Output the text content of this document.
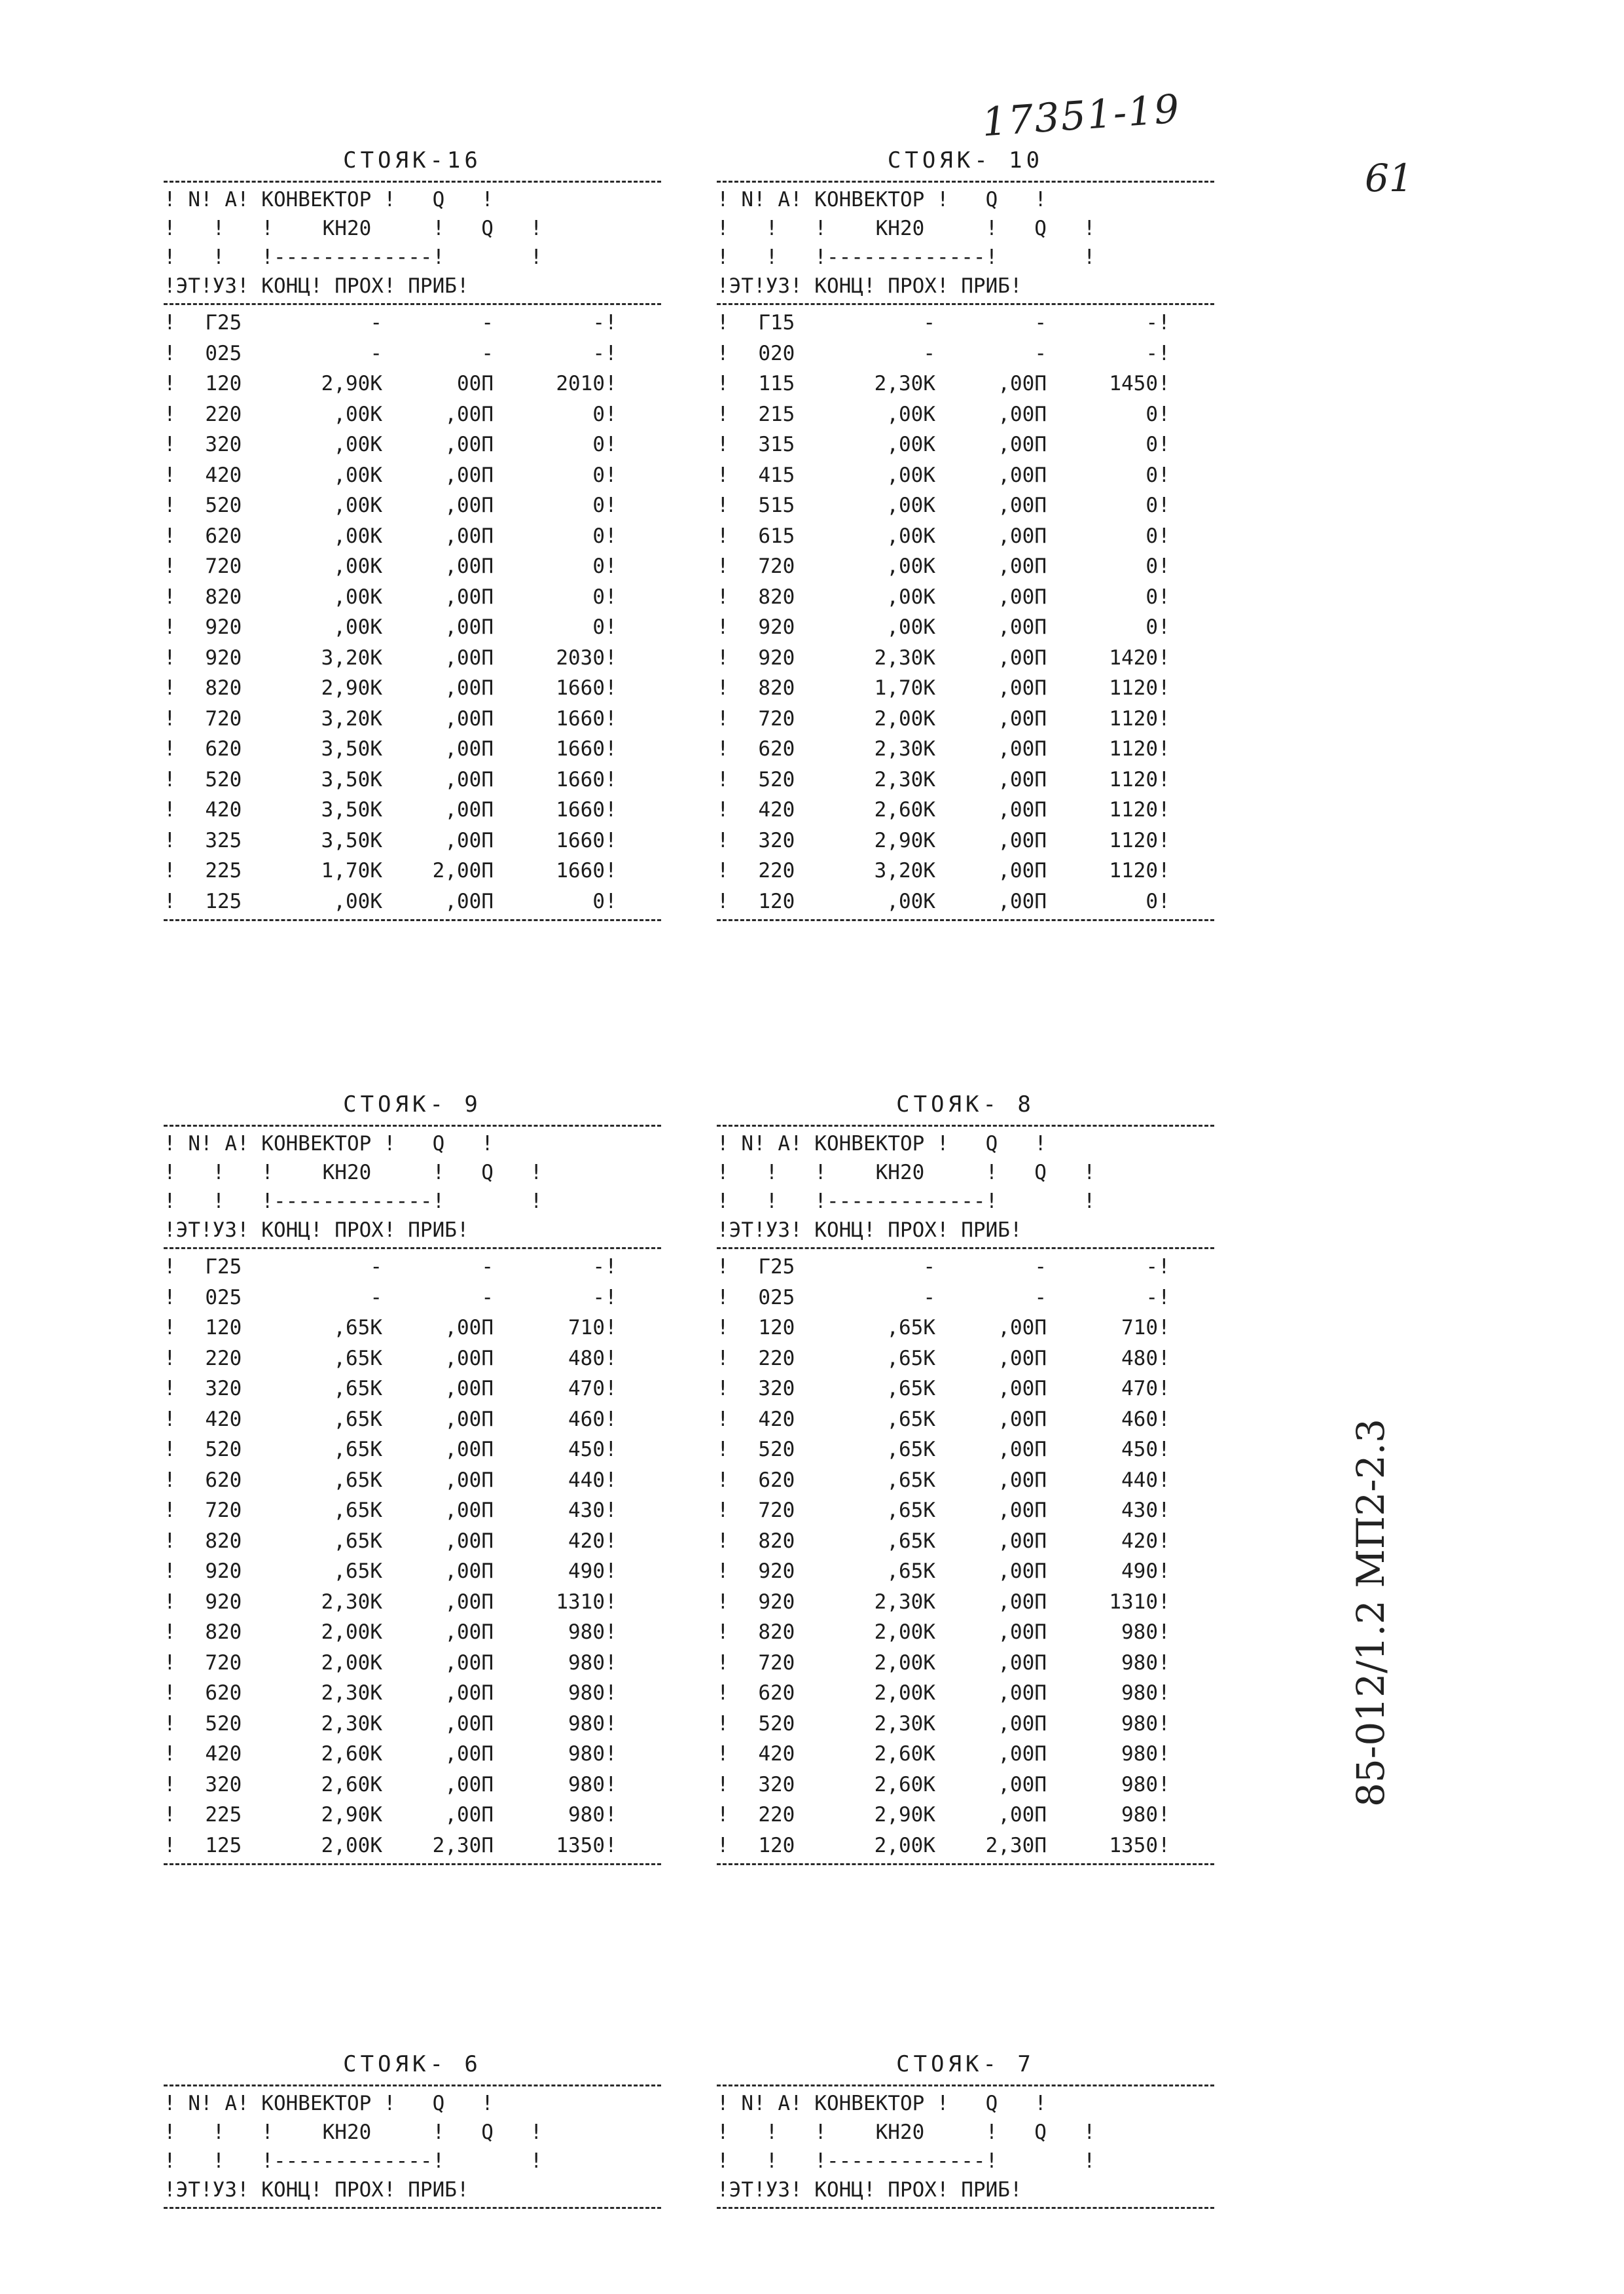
17351-19
61
85-012/1.2 МП2-2.3
СТОЯК-16
! N! A! КОНВЕКТОР !   Q   !
!   !   !    КН20     !   Q   !
!   !   !-------------!       !
!ЭТ!УЗ! КОНЦ! ПРОХ! ПРИБ!
!	Г 25	-	-	- !
!	0 25	-	-	- !
!	1 20	2,90К	00П	2010 !
!	2 20	,00К	,00П	0 !
!	3 20	,00К	,00П	0 !
!	4 20	,00К	,00П	0 !
!	5 20	,00К	,00П	0 !
!	6 20	,00К	,00П	0 !
!	7 20	,00К	,00П	0 !
!	8 20	,00К	,00П	0 !
!	9 20	,00К	,00П	0 !
!	9 20	3,20К	,00П	2030 !
!	8 20	2,90К	,00П	1660 !
!	7 20	3,20К	,00П	1660 !
!	6 20	3,50К	,00П	1660 !
!	5 20	3,50К	,00П	1660 !
!	4 20	3,50К	,00П	1660 !
!	3 25	3,50К	,00П	1660 !
!	2 25	1,70К	2,00П	1660 !
!	1 25	,00К	,00П	0 !
СТОЯК- 10
! N! A! КОНВЕКТОР !   Q   !
!   !   !    КН20     !   Q   !
!   !   !-------------!       !
!ЭТ!УЗ! КОНЦ! ПРОХ! ПРИБ!
!	Г 15	-	-	- !
!	0 20	-	-	- !
!	1 15	2,30К	,00П	1450 !
!	2 15	,00К	,00П	0 !
!	3 15	,00К	,00П	0 !
!	4 15	,00К	,00П	0 !
!	5 15	,00К	,00П	0 !
!	6 15	,00К	,00П	0 !
!	7 20	,00К	,00П	0 !
!	8 20	,00К	,00П	0 !
!	9 20	,00К	,00П	0 !
!	9 20	2,30К	,00П	1420 !
!	8 20	1,70К	,00П	1120 !
!	7 20	2,00К	,00П	1120 !
!	6 20	2,30К	,00П	1120 !
!	5 20	2,30К	,00П	1120 !
!	4 20	2,60К	,00П	1120 !
!	3 20	2,90К	,00П	1120 !
!	2 20	3,20К	,00П	1120 !
!	1 20	,00К	,00П	0 !
СТОЯК- 9
! N! A! КОНВЕКТОР !   Q   !
!   !   !    КН20     !   Q   !
!   !   !-------------!       !
!ЭТ!УЗ! КОНЦ! ПРОХ! ПРИБ!
!	Г 25	-	-	- !
!	0 25	-	-	- !
!	1 20	,65К	,00П	710 !
!	2 20	,65К	,00П	480 !
!	3 20	,65К	,00П	470 !
!	4 20	,65К	,00П	460 !
!	5 20	,65К	,00П	450 !
!	6 20	,65К	,00П	440 !
!	7 20	,65К	,00П	430 !
!	8 20	,65К	,00П	420 !
!	9 20	,65К	,00П	490 !
!	9 20	2,30К	,00П	1310 !
!	8 20	2,00К	,00П	980 !
!	7 20	2,00К	,00П	980 !
!	6 20	2,30К	,00П	980 !
!	5 20	2,30К	,00П	980 !
!	4 20	2,60К	,00П	980 !
!	3 20	2,60К	,00П	980 !
!	2 25	2,90К	,00П	980 !
!	1 25	2,00К	2,30П	1350 !
СТОЯК- 8
! N! A! КОНВЕКТОР !   Q   !
!   !   !    КН20     !   Q   !
!   !   !-------------!       !
!ЭТ!УЗ! КОНЦ! ПРОХ! ПРИБ!
!	Г 25	-	-	- !
!	0 25	-	-	- !
!	1 20	,65К	,00П	710 !
!	2 20	,65К	,00П	480 !
!	3 20	,65К	,00П	470 !
!	4 20	,65К	,00П	460 !
!	5 20	,65К	,00П	450 !
!	6 20	,65К	,00П	440 !
!	7 20	,65К	,00П	430 !
!	8 20	,65К	,00П	420 !
!	9 20	,65К	,00П	490 !
!	9 20	2,30К	,00П	1310 !
!	8 20	2,00К	,00П	980 !
!	7 20	2,00К	,00П	980 !
!	6 20	2,00К	,00П	980 !
!	5 20	2,30К	,00П	980 !
!	4 20	2,60К	,00П	980 !
!	3 20	2,60К	,00П	980 !
!	2 20	2,90К	,00П	980 !
!	1 20	2,00К	2,30П	1350 !
СТОЯК- 6
! N! A! КОНВЕКТОР !   Q   !
!   !   !    КН20     !   Q   !
!   !   !-------------!       !
!ЭТ!УЗ! КОНЦ! ПРОХ! ПРИБ!
СТОЯК- 7
! N! A! КОНВЕКТОР !   Q   !
!   !   !    КН20     !   Q   !
!   !   !-------------!       !
!ЭТ!УЗ! КОНЦ! ПРОХ! ПРИБ!
